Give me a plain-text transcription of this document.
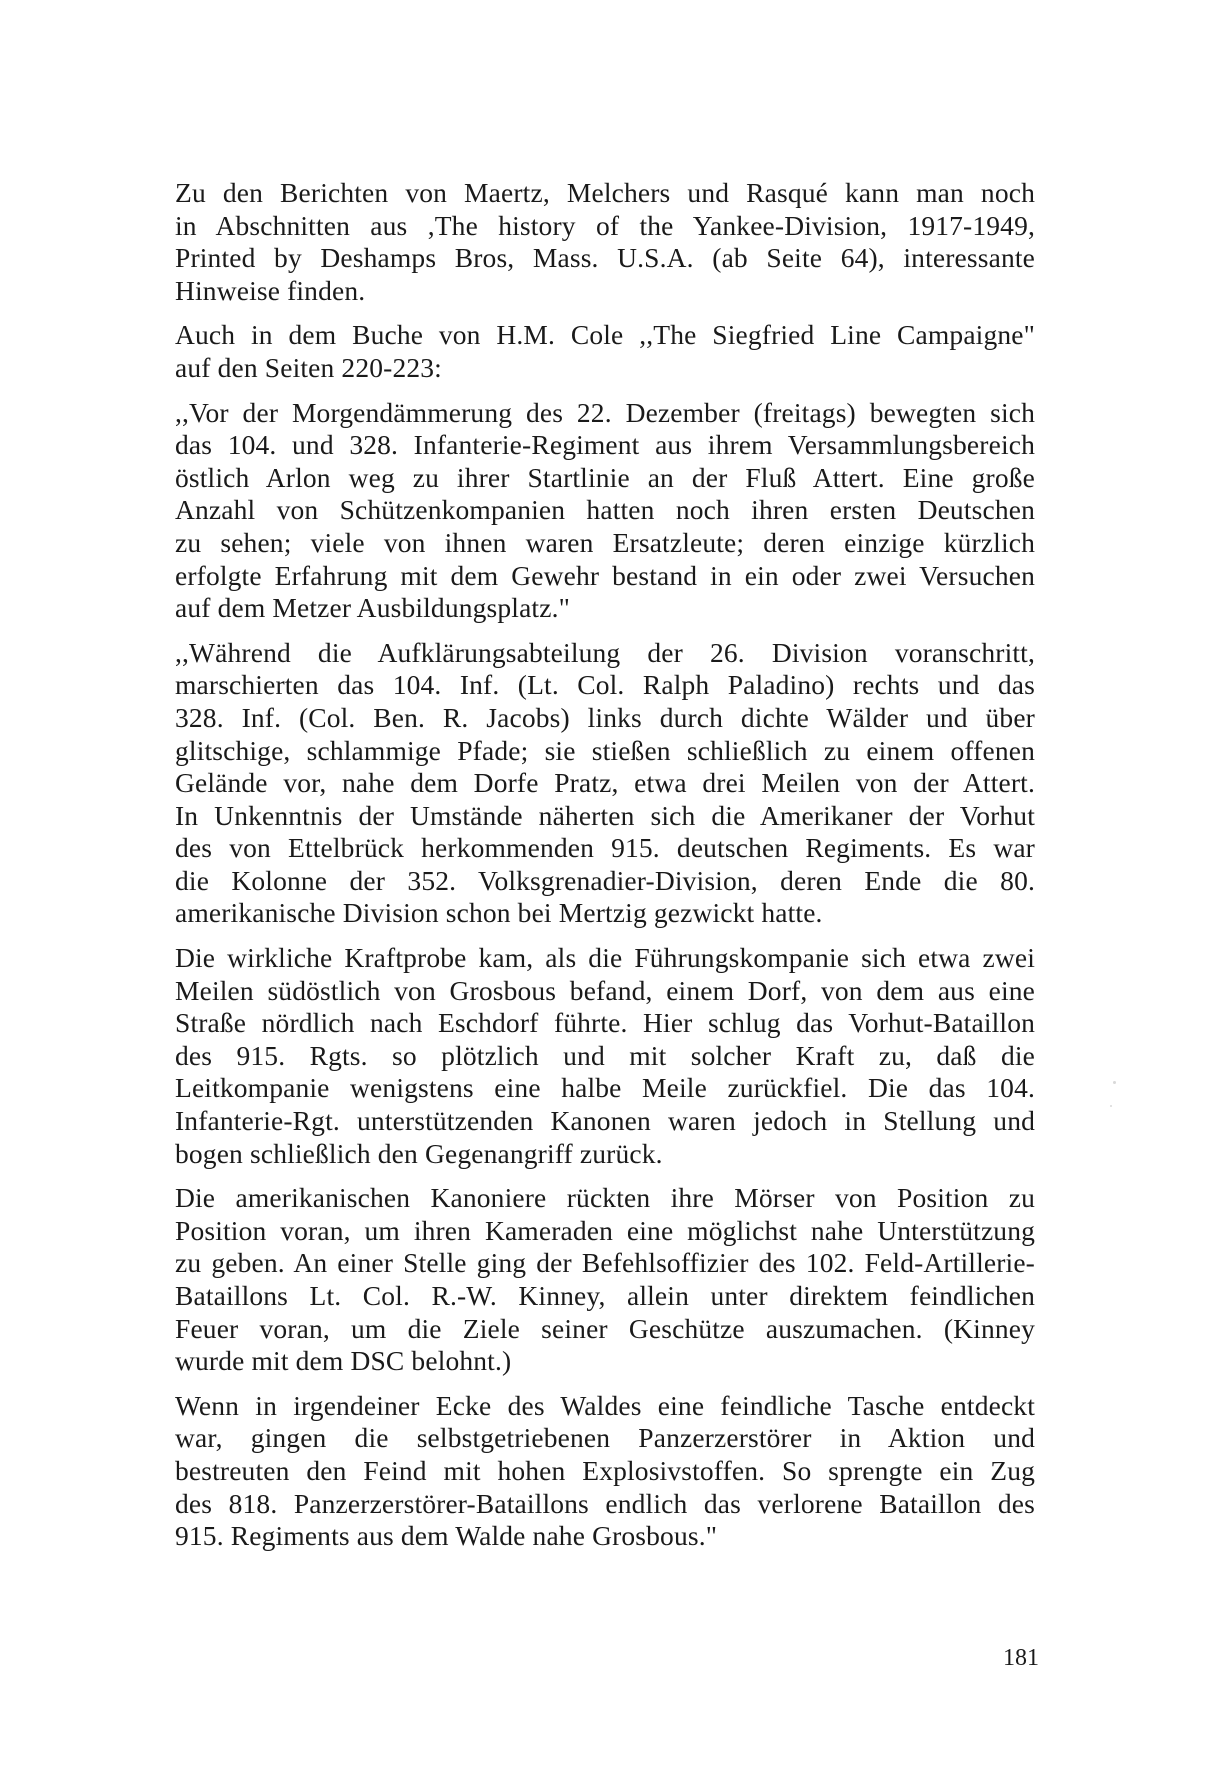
Zu den Berichten von Maertz, Melchers und Rasqué kann man noch
in Abschnitten aus ,The history of the Yankee-Division, 1917-1949,
Printed by Deshamps Bros, Mass. U.S.A. (ab Seite 64), interessante
Hinweise finden.
Auch in dem Buche von H.M. Cole ,,The Siegfried Line Campaigne"
auf den Seiten 220-223:
,,Vor der Morgendämmerung des 22. Dezember (freitags) bewegten sich
das 104. und 328. Infanterie-Regiment aus ihrem Versammlungsbereich
östlich Arlon weg zu ihrer Startlinie an der Fluß Attert. Eine große
Anzahl von Schützenkompanien hatten noch ihren ersten Deutschen
zu sehen; viele von ihnen waren Ersatzleute; deren einzige kürzlich
erfolgte Erfahrung mit dem Gewehr bestand in ein oder zwei Versuchen
auf dem Metzer Ausbildungsplatz."
,,Während die Aufklärungsabteilung der 26. Division voranschritt,
marschierten das 104. Inf. (Lt. Col. Ralph Paladino) rechts und das
328. Inf. (Col. Ben. R. Jacobs) links durch dichte Wälder und über
glitschige, schlammige Pfade; sie stießen schließlich zu einem offenen
Gelände vor, nahe dem Dorfe Pratz, etwa drei Meilen von der Attert.
In Unkenntnis der Umstände näherten sich die Amerikaner der Vorhut
des von Ettelbrück herkommenden 915. deutschen Regiments. Es war
die Kolonne der 352. Volksgrenadier-Division, deren Ende die 80.
amerikanische Division schon bei Mertzig gezwickt hatte.
Die wirkliche Kraftprobe kam, als die Führungskompanie sich etwa zwei
Meilen südöstlich von Grosbous befand, einem Dorf, von dem aus eine
Straße nördlich nach Eschdorf führte. Hier schlug das Vorhut-Bataillon
des 915. Rgts. so plötzlich und mit solcher Kraft zu, daß die
Leitkompanie wenigstens eine halbe Meile zurückfiel. Die das 104.
Infanterie-Rgt. unterstützenden Kanonen waren jedoch in Stellung und
bogen schließlich den Gegenangriff zurück.
Die amerikanischen Kanoniere rückten ihre Mörser von Position zu
Position voran, um ihren Kameraden eine möglichst nahe Unterstützung
zu geben. An einer Stelle ging der Befehlsoffizier des 102. Feld-Artillerie-
Bataillons Lt. Col. R.-W. Kinney, allein unter direktem feindlichen
Feuer voran, um die Ziele seiner Geschütze auszumachen. (Kinney
wurde mit dem DSC belohnt.)
Wenn in irgendeiner Ecke des Waldes eine feindliche Tasche entdeckt
war, gingen die selbstgetriebenen Panzerzerstörer in Aktion und
bestreuten den Feind mit hohen Explosivstoffen. So sprengte ein Zug
des 818. Panzerzerstörer-Bataillons endlich das verlorene Bataillon des
915. Regiments aus dem Walde nahe Grosbous."
181
